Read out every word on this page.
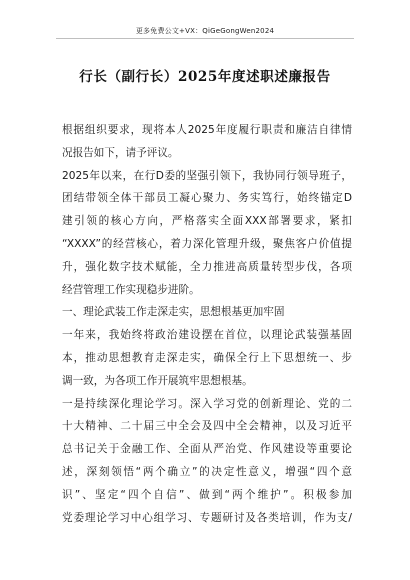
更多免费公文+VX：QiGeGongWen2024
行长（副行长）2025年度述职述廉报告
根据组织要求，现将本人2025年度履行职责和廉洁自律情
况报告如下，请予评议。
2025年以来，在行D委的坚强引领下，我协同行领导班子，
团结带领全体干部员工凝心聚力、务实笃行，始终锚定D
建引领的核心方向，严格落实全面XXX部署要求，紧扣
“XXXX”的经营核心，着力深化管理升级，聚焦客户价值提
升，强化数字技术赋能，全力推进高质量转型步伐，各项
经营管理工作实现稳步进阶。
一、理论武装工作走深走实，思想根基更加牢固
一年来，我始终将政治建设摆在首位，以理论武装强基固
本，推动思想教育走深走实，确保全行上下思想统一、步
调一致，为各项工作开展筑牢思想根基。
一是持续深化理论学习。深入学习党的创新理论、党的二
十大精神、二十届三中全会及四中全会精神，以及习近平
总书记关于金融工作、全面从严治党、作风建设等重要论
述，深刻领悟“两个确立”的决定性意义，增强“四个意
识”、坚定“四个自信”、做到“两个维护”。积极参加
党委理论学习中心组学习、专题研讨及各类培训，作为支/
